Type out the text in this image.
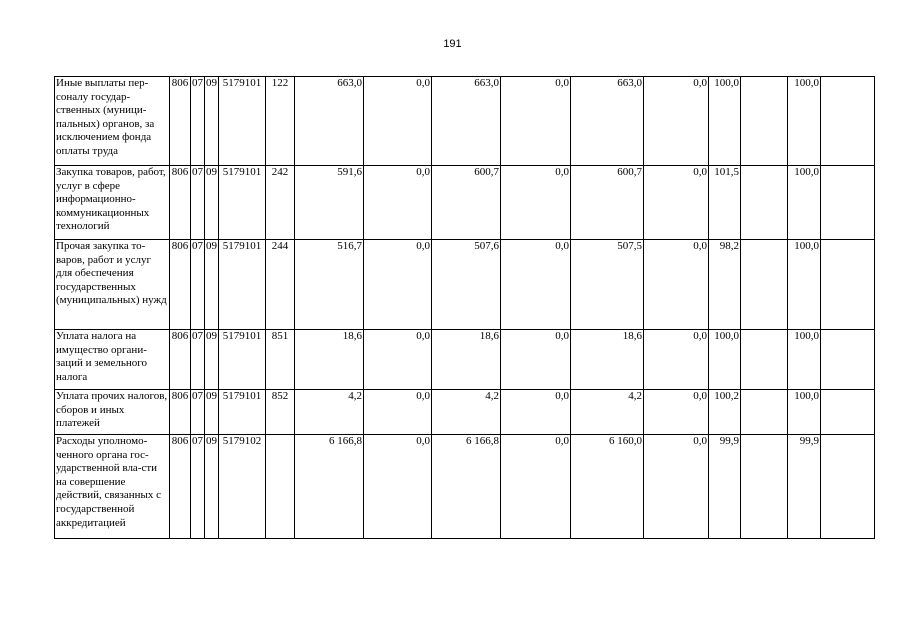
191
Иные выплаты пер-соналу государ-ственных (муници-пальных) органов, за исключением фонда оплаты труда	806	07	09	5179101	122	663,0	0,0	663,0	0,0	663,0	0,0	100,0		100,0	
Закупка товаров, работ, услуг в сфере информационно-коммуникационных технологий	806	07	09	5179101	242	591,6	0,0	600,7	0,0	600,7	0,0	101,5		100,0	
Прочая закупка то-варов, работ и услуг для обеспечения государственных (муниципальных) нужд	806	07	09	5179101	244	516,7	0,0	507,6	0,0	507,5	0,0	98,2		100,0	
Уплата налога на имущество органи-заций и земельного налога	806	07	09	5179101	851	18,6	0,0	18,6	0,0	18,6	0,0	100,0		100,0	
Уплата прочих налогов, сборов и иных платежей	806	07	09	5179101	852	4,2	0,0	4,2	0,0	4,2	0,0	100,2		100,0	
Расходы уполномо-ченного органа гос-ударственной вла-сти на совершение действий, связанных с государственной аккредитацией	806	07	09	5179102		6 166,8	0,0	6 166,8	0,0	6 160,0	0,0	99,9		99,9	
